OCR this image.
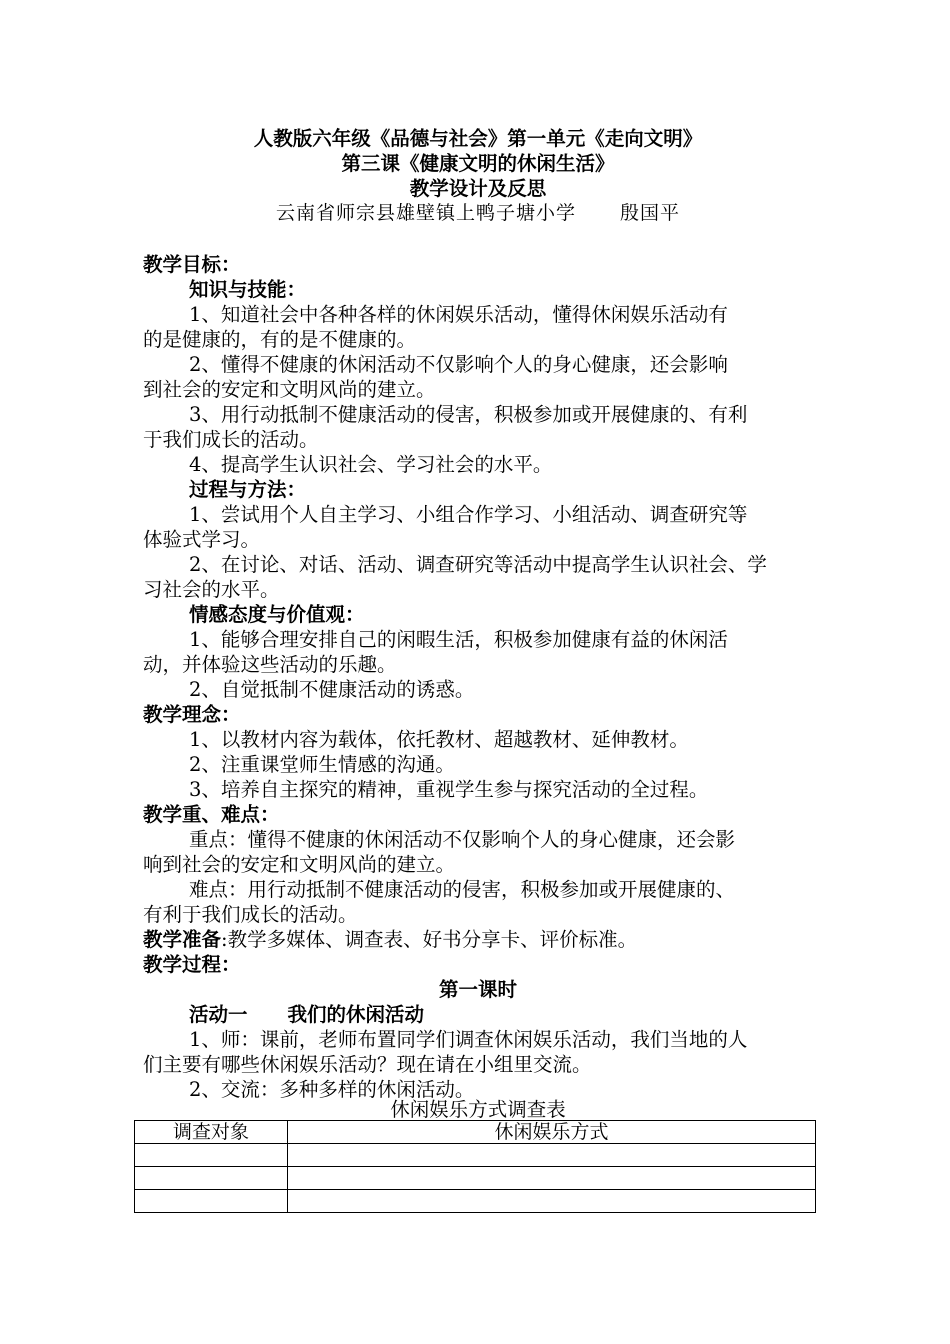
人教版六年级《品德与社会》第一单元《走向文明》
第三课《健康文明的休闲生活》
教学设计及反思
云南省师宗县雄壁镇上鸭子塘小学 殷国平
教学目标：
知识与技能：
1、知道社会中各种各样的休闲娱乐活动，懂得休闲娱乐活动有
的是健康的，有的是不健康的。
2、懂得不健康的休闲活动不仅影响个人的身心健康，还会影响
到社会的安定和文明风尚的建立。
3、用行动抵制不健康活动的侵害，积极参加或开展健康的、有利
于我们成长的活动。
4、提高学生认识社会、学习社会的水平。
过程与方法：
1、尝试用个人自主学习、小组合作学习、小组活动、调查研究等
体验式学习。
2、在讨论、对话、活动、调查研究等活动中提高学生认识社会、学
习社会的水平。
情感态度与价值观：
1、能够合理安排自己的闲暇生活，积极参加健康有益的休闲活
动，并体验这些活动的乐趣。
2、自觉抵制不健康活动的诱惑。
教学理念：
1、以教材内容为载体，依托教材、超越教材、延伸教材。
2、注重课堂师生情感的沟通。
3、培养自主探究的精神，重视学生参与探究活动的全过程。
教学重、难点：
重点：懂得不健康的休闲活动不仅影响个人的身心健康，还会影
响到社会的安定和文明风尚的建立。
难点：用行动抵制不健康活动的侵害，积极参加或开展健康的、
有利于我们成长的活动。
教学准备:教学多媒体、调查表、好书分享卡、评价标准。
教学过程：
第一课时
活动一 我们的休闲活动
1、师：课前，老师布置同学们调查休闲娱乐活动，我们当地的人
们主要有哪些休闲娱乐活动？现在请在小组里交流。
2、交流：多种多样的休闲活动。
休闲娱乐方式调查表
调查对象	休闲娱乐方式
